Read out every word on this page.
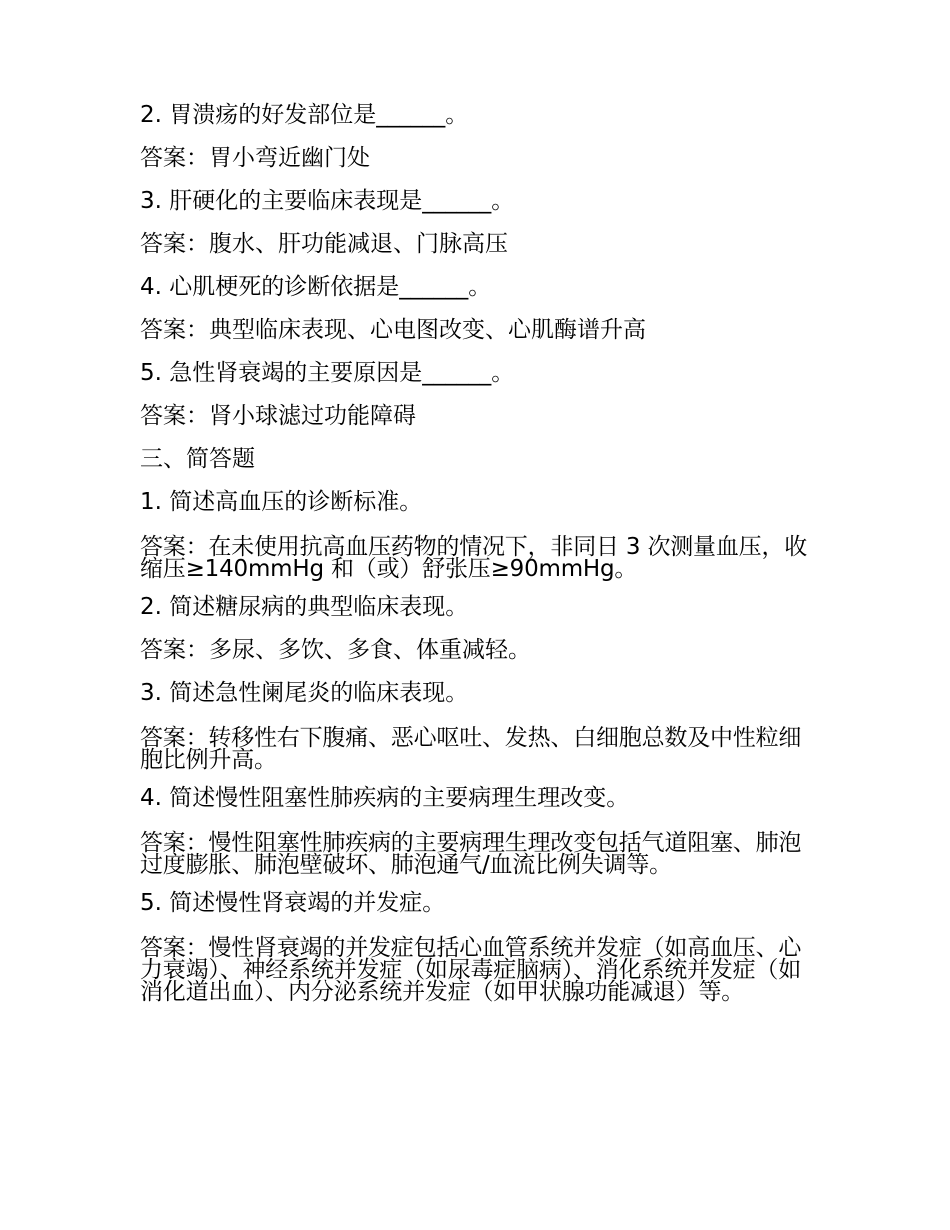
2. 胃溃疡的好发部位是______。
答案：胃小弯近幽门处
3. 肝硬化的主要临床表现是______。
答案：腹水、肝功能减退、门脉高压
4. 心肌梗死的诊断依据是______。
答案：典型临床表现、心电图改变、心肌酶谱升高
5. 急性肾衰竭的主要原因是______。
答案：肾小球滤过功能障碍
三、简答题
1. 简述高血压的诊断标准。
答案：在未使用抗高血压药物的情况下，非同日 3 次测量血压，收缩压≥140mmHg 和（或）舒张压≥90mmHg。
2. 简述糖尿病的典型临床表现。
答案：多尿、多饮、多食、体重减轻。
3. 简述急性阑尾炎的临床表现。
答案：转移性右下腹痛、恶心呕吐、发热、白细胞总数及中性粒细胞比例升高。
4. 简述慢性阻塞性肺疾病的主要病理生理改变。
答案：慢性阻塞性肺疾病的主要病理生理改变包括气道阻塞、肺泡过度膨胀、肺泡壁破坏、肺泡通气/血流比例失调等。
5. 简述慢性肾衰竭的并发症。
答案：慢性肾衰竭的并发症包括心血管系统并发症（如高血压、心力衰竭）、神经系统并发症（如尿毒症脑病）、消化系统并发症（如消化道出血）、内分泌系统并发症（如甲状腺功能减退）等。
